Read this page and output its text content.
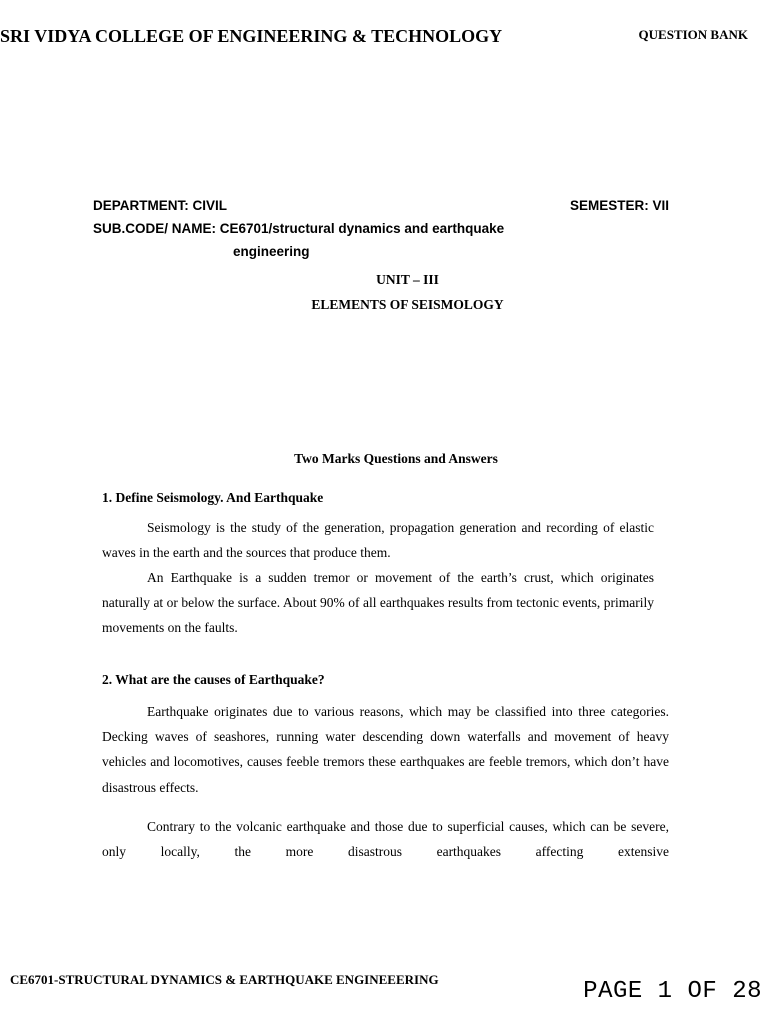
SRI VIDYA COLLEGE OF ENGINEERING & TECHNOLOGY	QUESTION BANK
DEPARTMENT: CIVIL	SEMESTER: VII
SUB.CODE/ NAME: CE6701/structural dynamics and earthquake
engineering
UNIT – III
ELEMENTS OF SEISMOLOGY
Two Marks Questions and Answers
1. Define Seismology. And Earthquake
Seismology is the study of the generation, propagation generation and recording of elastic waves in the earth and the sources that produce them.
An Earthquake is a sudden tremor or movement of the earth’s crust, which originates naturally at or below the surface. About 90% of all earthquakes results from tectonic events, primarily movements on the faults.
2. What are the causes of Earthquake?
Earthquake originates due to various reasons, which may be classified into three categories. Decking waves of seashores, running water descending down waterfalls and movement of heavy vehicles and locomotives, causes feeble tremors these earthquakes are feeble tremors, which don’t have disastrous effects.
Contrary to the volcanic earthquake and those due to superficial causes, which can be severe, only locally, the more disastrous earthquakes affecting extensive
CE6701-STRUCTURAL DYNAMICS & EARTHQUAKE ENGINEEERING	PAGE 1 OF 28
